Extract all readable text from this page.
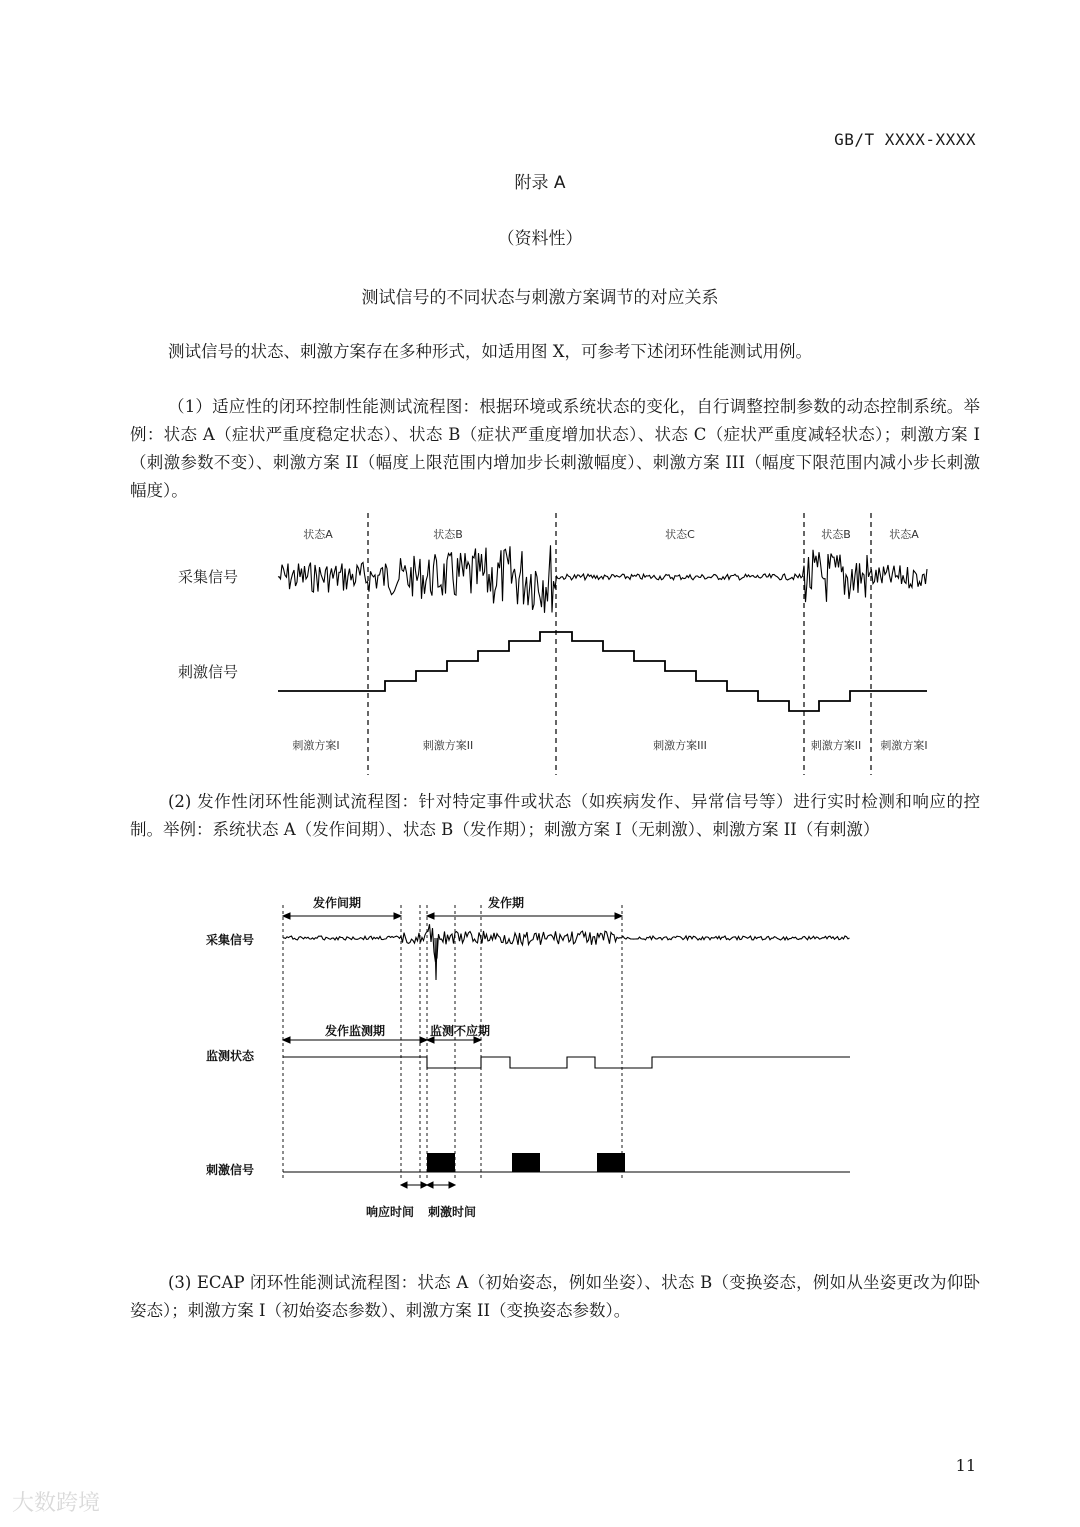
GB/T XXXX-XXXX
附录 A
（资料性）
测试信号的不同状态与刺激方案调节的对应关系

测试信号的状态、刺激方案存在多种形式，如适用图 X，可参考下述闭环性能测试用例。

（1）适应性的闭环控制性能测试流程图：根据环境或系统状态的变化，自行调整控制参数的动态控制系统。举例：状态 A（症状严重度稳定状态）、状态 B（症状严重度增加状态）、状态 C（症状严重度减轻状态）；刺激方案 I（刺激参数不变）、刺激方案 II（幅度上限范围内增加步长刺激幅度）、刺激方案 III（幅度下限范围内减小步长刺激幅度）。

状态A	状态B	状态C	状态B	状态A
采集信号
刺激信号
刺激方案I	刺激方案II	刺激方案III	刺激方案II 刺激方案I

(2) 发作性闭环性能测试流程图：针对特定事件或状态（如疾病发作、异常信号等）进行实时检测和响应的控制。举例：系统状态 A（发作间期）、状态 B（发作期）；刺激方案 I（无刺激）、刺激方案 II（有刺激）

发作间期	发作期
发作监测期	监测不应期
采集信号
监测状态
刺激信号
响应时间 刺激时间

(3) ECAP 闭环性能测试流程图：状态 A（初始姿态，例如坐姿）、状态 B（变换姿态，例如从坐姿更改为仰卧姿态）；刺激方案 I（初始姿态参数）、刺激方案 II（变换姿态参数）。

11
大数跨境
